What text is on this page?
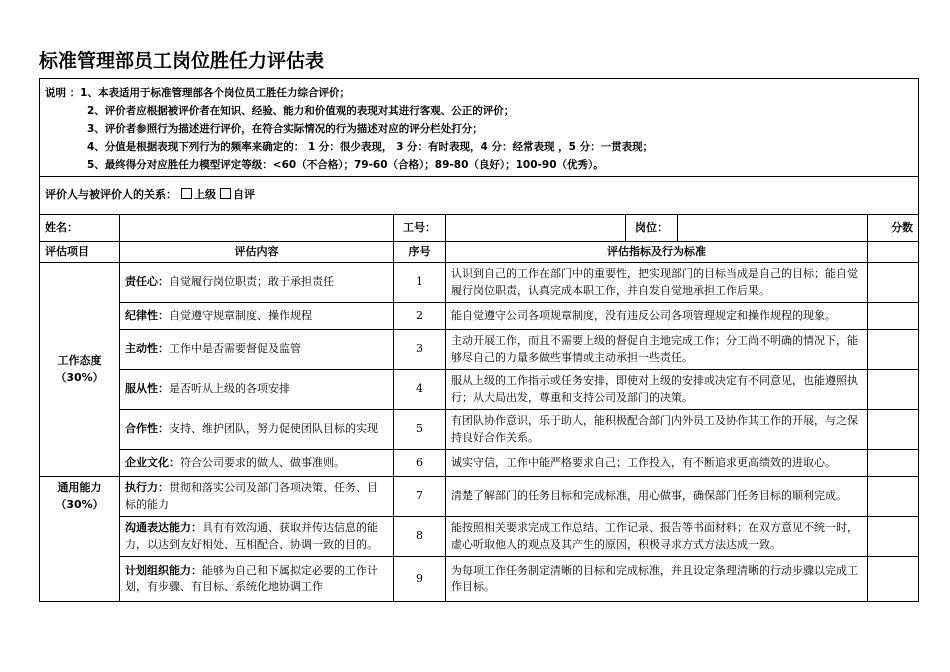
标准管理部员工岗位胜任力评估表
说明 ：1、本表适用于标准管理部各个岗位员工胜任力综合评价；
2、评价者应根据被评价者在知识、经验、能力和价值观的表现对其进行客观、公正的评价；
3、评价者参照行为描述进行评价，在符合实际情况的行为描述对应的评分栏处打分；
4、分值是根据表现下列行为的频率来确定的： 1 分：很少表现， 3 分：有时表现，4 分：经常表现 ，5 分：一贯表现；
5、最终得分对应胜任力模型评定等级：<60（不合格）；79-60（合格）；89-80（良好）；100-90（优秀）。						

评价人与被评价人的关系： 上级 自评						
姓名：		工号：		岗位：		分数
评估项目	评估内容	序号	评估指标及行为标准			

工作态度
（30%）	责任心：自觉履行岗位职责；敢于承担责任	1	认识到自己的工作在部门中的重要性，把实现部门的目标当成是自己的目标；能自觉履行岗位职责，认真完成本职工作，并自发自觉地承担工作后果。			
	纪律性：自觉遵守规章制度、操作规程	2	能自觉遵守公司各项规章制度，没有违反公司各项管理规定和操作规程的现象。			
	主动性：工作中是否需要督促及监管	3	主动开展工作，而且不需要上级的督促自主地完成工作；分工尚不明确的情况下，能够尽自己的力量多做些事情或主动承担一些责任。			
	服从性：是否听从上级的各项安排	4	服从上级的工作指示或任务安排，即使对上级的安排或决定有不同意见，也能遵照执行；从大局出发，尊重和支持公司及部门的决策。			
	合作性：支持、维护团队，努力促使团队目标的实现	5	有团队协作意识，乐于助人，能积极配合部门内外员工及协作其工作的开展，与之保持良好合作关系。			
	企业文化：符合公司要求的做人、做事准则。	6	诚实守信，工作中能严格要求自己；工作投入，有不断追求更高绩效的进取心。			

通用能力
（30%）	执行力：贯彻和落实公司及部门各项决策、任务、目标的能力	7	清楚了解部门的任务目标和完成标准，用心做事，确保部门任务目标的顺利完成。			
	沟通表达能力：具有有效沟通、获取并传达信息的能力，以达到友好相处、互相配合、协调一致的目的。	8	能按照相关要求完成工作总结、工作记录、报告等书面材料；在双方意见不统一时，虚心听取他人的观点及其产生的原因，积极寻求方式方法达成一致。			
	计划组织能力：能够为自己和下属拟定必要的工作计划，有步骤、有目标、系统化地协调工作	9	为每项工作任务制定清晰的目标和完成标准，并且设定条理清晰的行动步骤以完成工作目标。			
